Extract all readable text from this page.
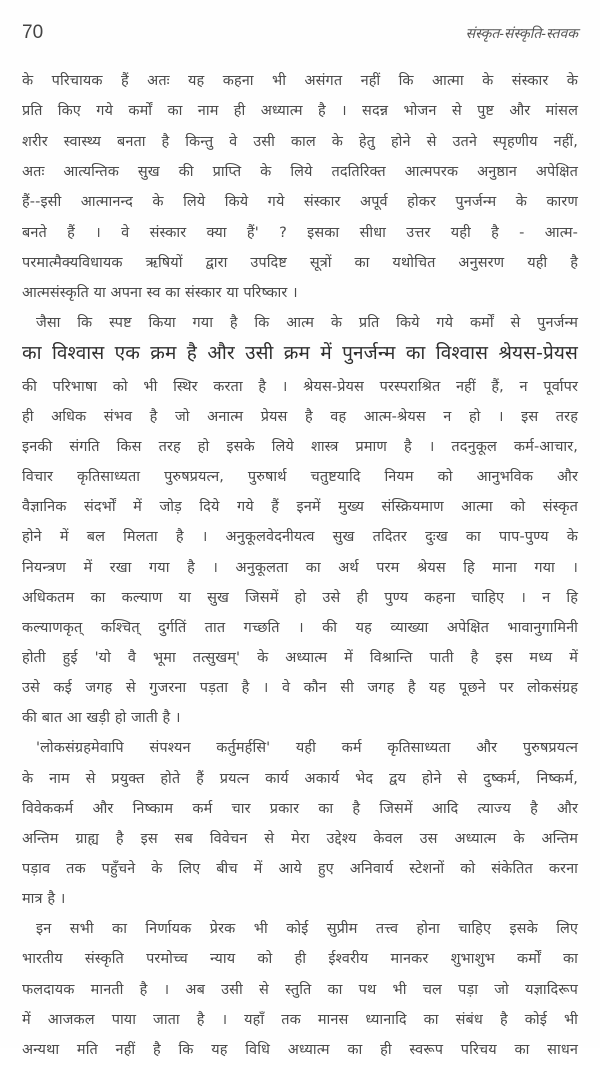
70	संस्कृत-संस्कृति-स्तवक
के परिचायक हैं अतः यह कहना भी असंगत नहीं कि आत्मा के संस्कार के
प्रति किए गये कर्मों का नाम ही अध्यात्म है । सदन्न भोजन से पुष्ट और मांसल
शरीर स्वास्थ्य बनता है किन्तु वे उसी काल के हेतु होने से उतने स्पृहणीय नहीं,
अतः आत्यन्तिक सुख की प्राप्ति के लिये तदतिरिक्त आत्मपरक अनुष्ठान अपेक्षित
हैं--इसी आत्मानन्द के लिये किये गये संस्कार अपूर्व होकर पुनर्जन्म के कारण
बनते हैं । वे संस्कार क्या हैं' ? इसका सीधा उत्तर यही है - आत्म-
परमात्मैक्यविधायक ऋषियों द्वारा उपदिष्ट सूत्रों का यथोचित अनुसरण यही है
आत्मसंस्कृति या अपना स्व का संस्कार या परिष्कार ।
जैसा कि स्पष्ट किया गया है कि आत्म के प्रति किये गये कर्मों से पुनर्जन्म
का विश्वास एक क्रम है और उसी क्रम में पुनर्जन्म का विश्वास श्रेयस-प्रेयस
की परिभाषा को भी स्थिर करता है । श्रेयस-प्रेयस परस्पराश्रित नहीं हैं, न पूर्वापर
ही अधिक संभव है जो अनात्म प्रेयस है वह आत्म-श्रेयस न हो । इस तरह
इनकी संगति किस तरह हो इसके लिये शास्त्र प्रमाण है । तदनुकूल कर्म-आचार,
विचार कृतिसाध्यता पुरुषप्रयत्न, पुरुषार्थ चतुष्टयादि नियम को आनुभविक और
वैज्ञानिक संदर्भों में जोड़ दिये गये हैं इनमें मुख्य संस्क्रियमाण आत्मा को संस्कृत
होने में बल मिलता है । अनुकूलवेदनीयत्व सुख तदितर दुःख का पाप-पुण्य के
नियन्त्रण में रखा गया है । अनुकूलता का अर्थ परम श्रेयस हि माना गया ।
अधिकतम का कल्याण या सुख जिसमें हो उसे ही पुण्य कहना चाहिए । न हि
कल्याणकृत् कश्चित् दुर्गतिं तात गच्छति । की यह व्याख्या अपेक्षित भावानुगामिनी
होती हुई 'यो वै भूमा तत्सुखम्' के अध्यात्म में विश्रान्ति पाती है इस मध्य में
उसे कई जगह से गुजरना पड़ता है । वे कौन सी जगह है यह पूछने पर लोकसंग्रह
की बात आ खड़ी हो जाती है ।
'लोकसंग्रहमेवापि संपश्यन कर्तुमर्हसि' यही कर्म कृतिसाध्यता और पुरुषप्रयत्न
के नाम से प्रयुक्त होते हैं प्रयत्न कार्य अकार्य भेद द्वय होने से दुष्कर्म, निष्कर्म,
विवेककर्म और निष्काम कर्म चार प्रकार का है जिसमें आदि त्याज्य है और
अन्तिम ग्राह्य है इस सब विवेचन से मेरा उद्देश्य केवल उस अध्यात्म के अन्तिम
पड़ाव तक पहुँचने के लिए बीच में आये हुए अनिवार्य स्टेशनों को संकेतित करना
मात्र है ।
इन सभी का निर्णायक प्रेरक भी कोई सुप्रीम तत्त्व होना चाहिए इसके लिए
भारतीय संस्कृति परमोच्च न्याय को ही ईश्वरीय मानकर शुभाशुभ कर्मों का
फलदायक मानती है । अब उसी से स्तुति का पथ भी चल पड़ा जो यज्ञादिरूप
में आजकल पाया जाता है । यहाँ तक मानस ध्यानादि का संबंध है कोई भी
अन्यथा मति नहीं है कि यह विधि अध्यात्म का ही स्वरूप परिचय का साधन
